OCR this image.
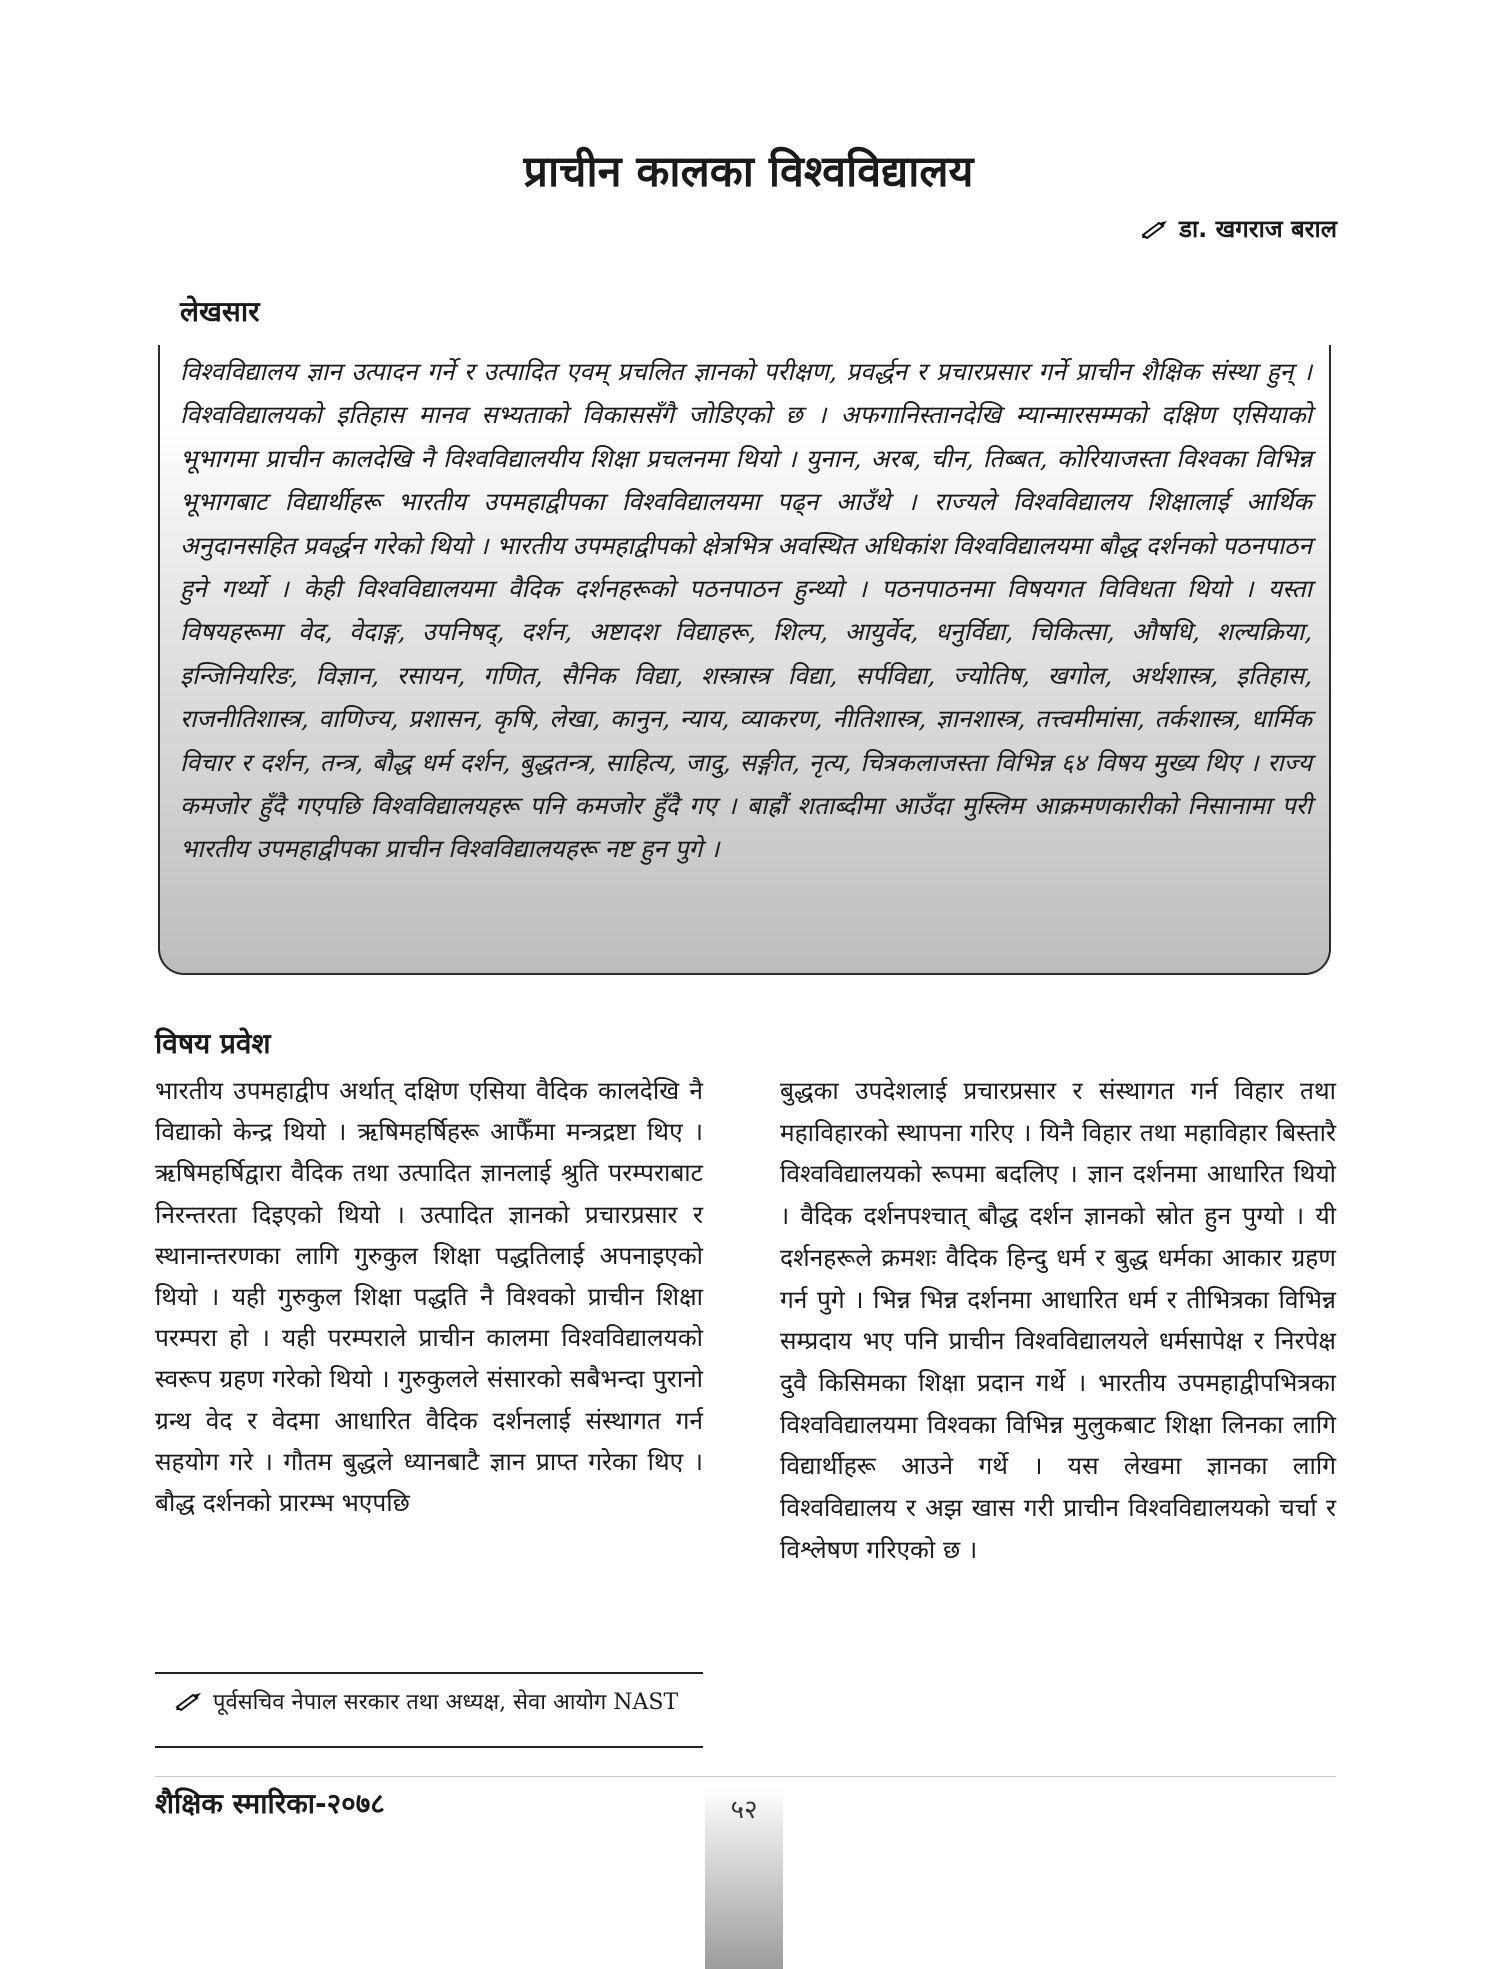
प्राचीन कालका विश्वविद्यालय
डा. खगराज बराल
लेखसार

विश्वविद्यालय ज्ञान उत्पादन गर्ने र उत्पादित एवम् प्रचलित ज्ञानको परीक्षण, प्रवर्द्धन र प्रचारप्रसार गर्ने प्राचीन शैक्षिक संस्था हुन् । विश्वविद्यालयको इतिहास मानव सभ्यताको विकाससँगै जोडिएको छ । अफगानिस्तानदेखि म्यान्मारसम्मको दक्षिण एसियाको भूभागमा प्राचीन कालदेखि नै विश्वविद्यालयीय शिक्षा प्रचलनमा थियो । युनान, अरब, चीन, तिब्बत, कोरियाजस्ता विश्वका विभिन्न भूभागबाट विद्यार्थीहरू भारतीय उपमहाद्वीपका विश्वविद्यालयमा पढ्न आउँथे । राज्यले विश्वविद्यालय शिक्षालाई आर्थिक अनुदानसहित प्रवर्द्धन गरेको थियो । भारतीय उपमहाद्वीपको क्षेत्रभित्र अवस्थित अधिकांश विश्वविद्यालयमा बौद्ध दर्शनको पठनपाठन हुने गर्थ्यो । केही विश्वविद्यालयमा वैदिक दर्शनहरूको पठनपाठन हुन्थ्यो । पठनपाठनमा विषयगत विविधता थियो । यस्ता विषयहरूमा वेद, वेदाङ्ग, उपनिषद्, दर्शन, अष्टादश विद्याहरू, शिल्प, आयुर्वेद, धनुर्विद्या, चिकित्सा, औषधि, शल्यक्रिया, इन्जिनियरिङ, विज्ञान, रसायन, गणित, सैनिक विद्या, शस्त्रास्त्र विद्या, सर्पविद्या, ज्योतिष, खगोल, अर्थशास्त्र, इतिहास, राजनीतिशास्त्र, वाणिज्य, प्रशासन, कृषि, लेखा, कानुन, न्याय, व्याकरण, नीतिशास्त्र, ज्ञानशास्त्र, तत्त्वमीमांसा, तर्कशास्त्र, धार्मिक विचार र दर्शन, तन्त्र, बौद्ध धर्म दर्शन, बुद्धतन्त्र, साहित्य, जादु, सङ्गीत, नृत्य, चित्रकलाजस्ता विभिन्न ६४ विषय मुख्य थिए । राज्य कमजोर हुँदै गएपछि विश्वविद्यालयहरू पनि कमजोर हुँदै गए । बाह्रौं शताब्दीमा आउँदा मुस्लिम आक्रमणकारीको निसानामा परी भारतीय उपमहाद्वीपका प्राचीन विश्वविद्यालयहरू नष्ट हुन पुगे ।

विषय प्रवेश

भारतीय उपमहाद्वीप अर्थात् दक्षिण एसिया वैदिक कालदेखि नै विद्याको केन्द्र थियो । ऋषिमहर्षिहरू आफैँमा मन्त्रद्रष्टा थिए । ऋषिमहर्षिद्वारा वैदिक तथा उत्पादित ज्ञानलाई श्रुति परम्पराबाट निरन्तरता दिइएको थियो । उत्पादित ज्ञानको प्रचारप्रसार र स्थानान्तरणका लागि गुरुकुल शिक्षा पद्धतिलाई अपनाइएको थियो । यही गुरुकुल शिक्षा पद्धति नै विश्वको प्राचीन शिक्षा परम्परा हो । यही परम्पराले प्राचीन कालमा विश्वविद्यालयको स्वरूप ग्रहण गरेको थियो । गुरुकुलले संसारको सबैभन्दा पुरानो ग्रन्थ वेद र वेदमा आधारित वैदिक दर्शनलाई संस्थागत गर्न सहयोग गरे । गौतम बुद्धले ध्यानबाटै ज्ञान प्राप्त गरेका थिए । बौद्ध दर्शनको प्रारम्भ भएपछि

बुद्धका उपदेशलाई प्रचारप्रसार र संस्थागत गर्न विहार तथा महाविहारको स्थापना गरिए । यिनै विहार तथा महाविहार बिस्तारै विश्वविद्यालयको रूपमा बदलिए । ज्ञान दर्शनमा आधारित थियो । वैदिक दर्शनपश्चात् बौद्ध दर्शन ज्ञानको स्रोत हुन पुग्यो । यी दर्शनहरूले क्रमशः वैदिक हिन्दु धर्म र बुद्ध धर्मका आकार ग्रहण गर्न पुगे । भिन्न भिन्न दर्शनमा आधारित धर्म र तीभित्रका विभिन्न सम्प्रदाय भए पनि प्राचीन विश्वविद्यालयले धर्मसापेक्ष र निरपेक्ष दुवै किसिमका शिक्षा प्रदान गर्थे । भारतीय उपमहाद्वीपभित्रका विश्वविद्यालयमा विश्वका विभिन्न मुलुकबाट शिक्षा लिनका लागि विद्यार्थीहरू आउने गर्थे । यस लेखमा ज्ञानका लागि विश्वविद्यालय र अझ खास गरी प्राचीन विश्वविद्यालयको चर्चा र विश्लेषण गरिएको छ ।

पूर्वसचिव नेपाल सरकार तथा अध्यक्ष, सेवा आयोग NAST
शैक्षिक स्मारिका-२०७८	५२
